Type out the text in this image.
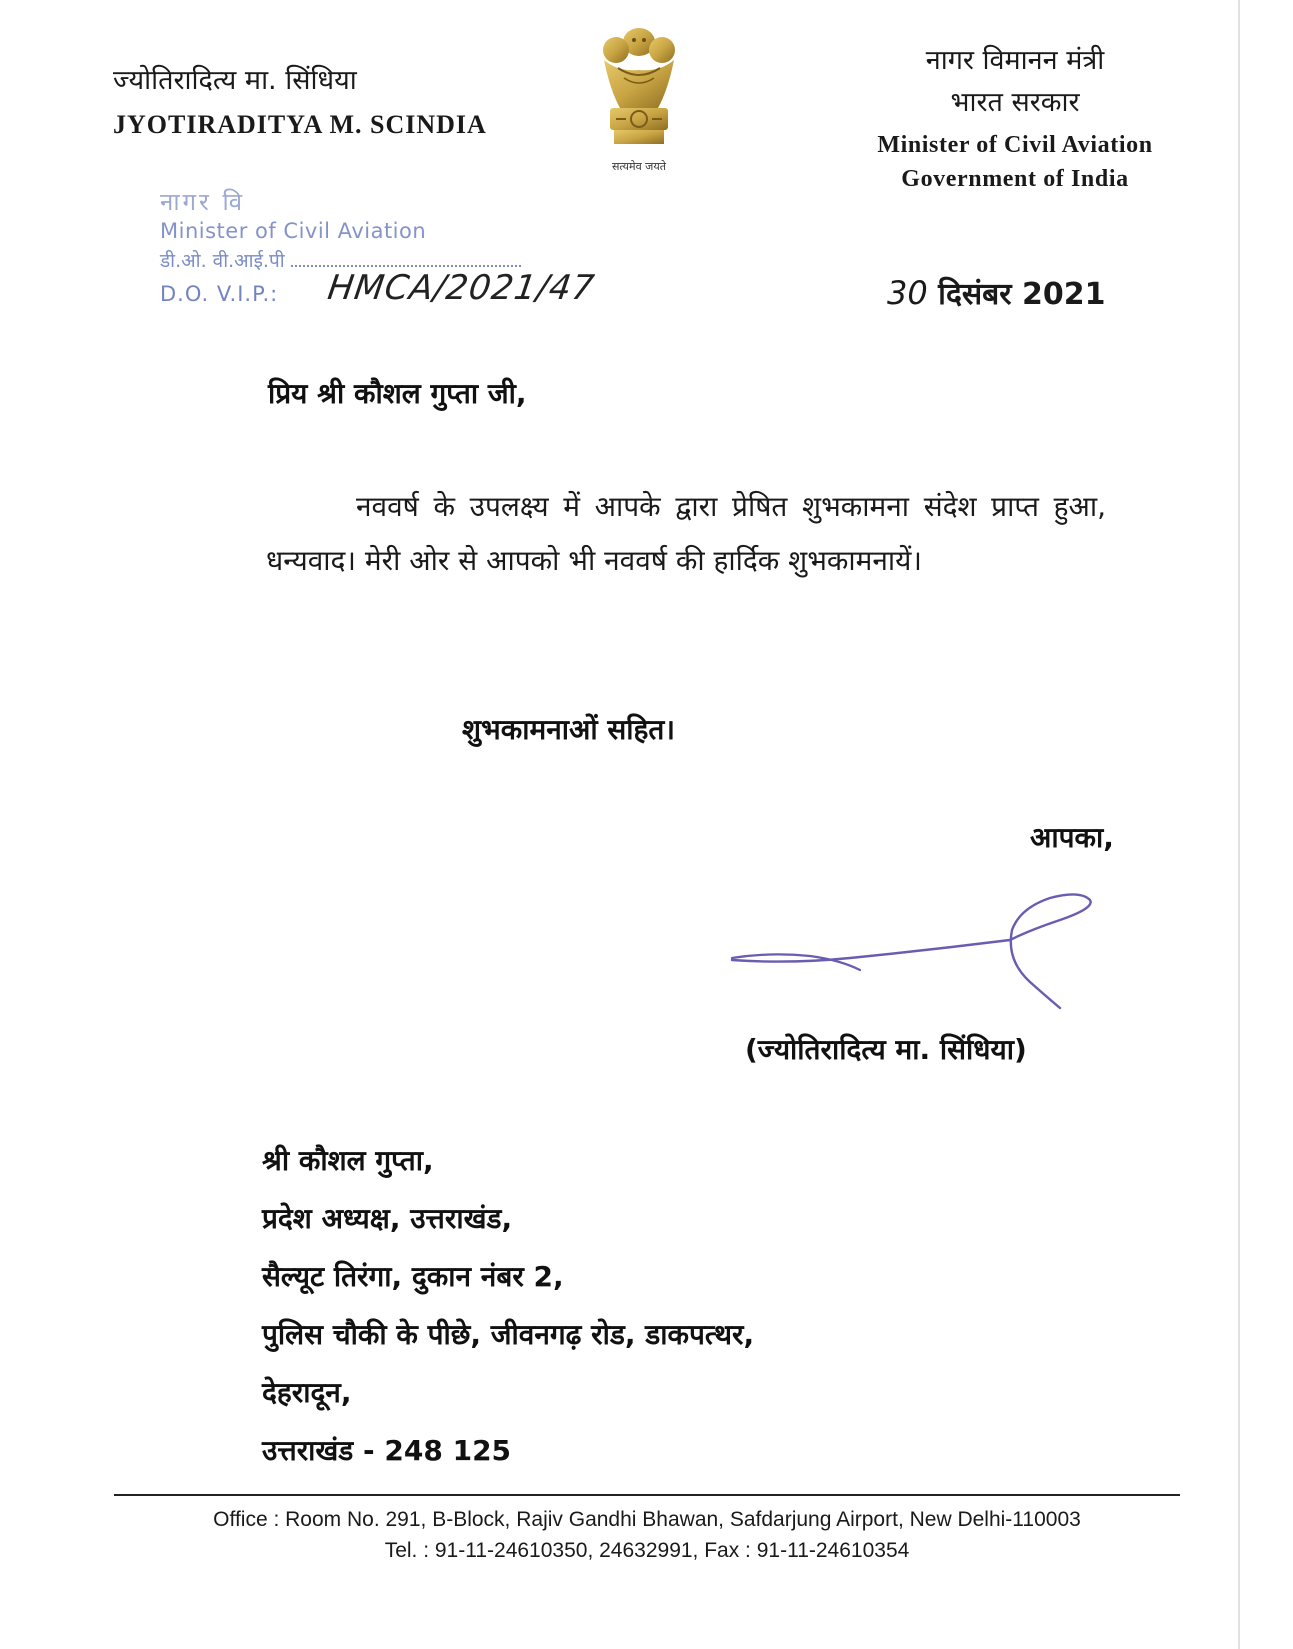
ज्योतिरादित्य मा. सिंधिया
JYOTIRADITYA M. SCINDIA
सत्यमेव जयते
नागर विमानन मंत्री
भारत सरकार
Minister of Civil Aviation
Government of India
नागर वि
Minister of Civil Aviation
डी.ओ. वी.आई.पी
D.O. V.I.P.:	HMCA/2021/47	30 दिसंबर 2021
प्रिय श्री कौशल गुप्ता जी,
नववर्ष के उपलक्ष्य में आपके द्वारा प्रेषित शुभकामना संदेश प्राप्त हुआ, धन्यवाद। मेरी ओर से आपको भी नववर्ष की हार्दिक शुभकामनायें।
शुभकामनाओं सहित।
आपका,
(ज्योतिरादित्य मा. सिंधिया)
श्री कौशल गुप्ता,
प्रदेश अध्यक्ष, उत्तराखंड,
सैल्यूट तिरंगा, दुकान नंबर 2,
पुलिस चौकी के पीछे, जीवनगढ़ रोड, डाकपत्थर,
देहरादून,
उत्तराखंड - 248 125
Office : Room No. 291, B-Block, Rajiv Gandhi Bhawan, Safdarjung Airport, New Delhi-110003
Tel. : 91-11-24610350, 24632991, Fax : 91-11-24610354
